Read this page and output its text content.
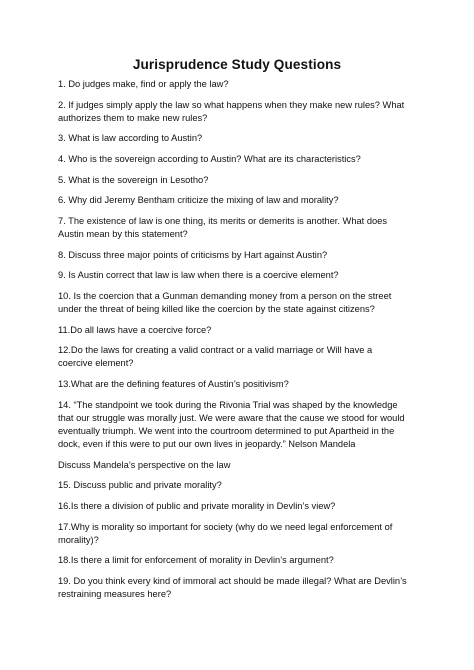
Jurisprudence Study Questions
1. Do judges make, find or apply the law?
2. If judges simply apply the law so what happens when they make new rules? What
authorizes them to make new rules?
3. What is law according to Austin?
4. Who is the sovereign according to Austin? What are its characteristics?
5. What is the sovereign in Lesotho?
6. Why did Jeremy Bentham criticize the mixing of law and morality?
7. The existence of law is one thing, its merits or demerits is another. What does
Austin mean by this statement?
8. Discuss three major points of criticisms by Hart against Austin?
9. Is Austin correct that law is law when there is a coercive element?
10. Is the coercion that a Gunman demanding money from a person on the street
under the threat of being killed like the coercion by the state against citizens?
11.Do all laws have a coercive force?
12.Do the laws for creating a valid contract or a valid marriage or Will have a
coercive element?
13.What are the defining features of Austin’s positivism?
14. “The standpoint we took during the Rivonia Trial was shaped by the knowledge
that our struggle was morally just. We were aware that the cause we stood for would
eventually triumph. We went into the courtroom determined to put Apartheid in the
dock, even if this were to put our own lives in jeopardy.” Nelson Mandela
Discuss Mandela’s perspective on the law
15. Discuss public and private morality?
16.Is there a division of public and private morality in Devlin’s view?
17.Why is morality so important for society (why do we need legal enforcement of
morality)?
18.Is there a limit for enforcement of morality in Devlin’s argument?
19. Do you think every kind of immoral act should be made illegal? What are Devlin’s
restraining measures here?
